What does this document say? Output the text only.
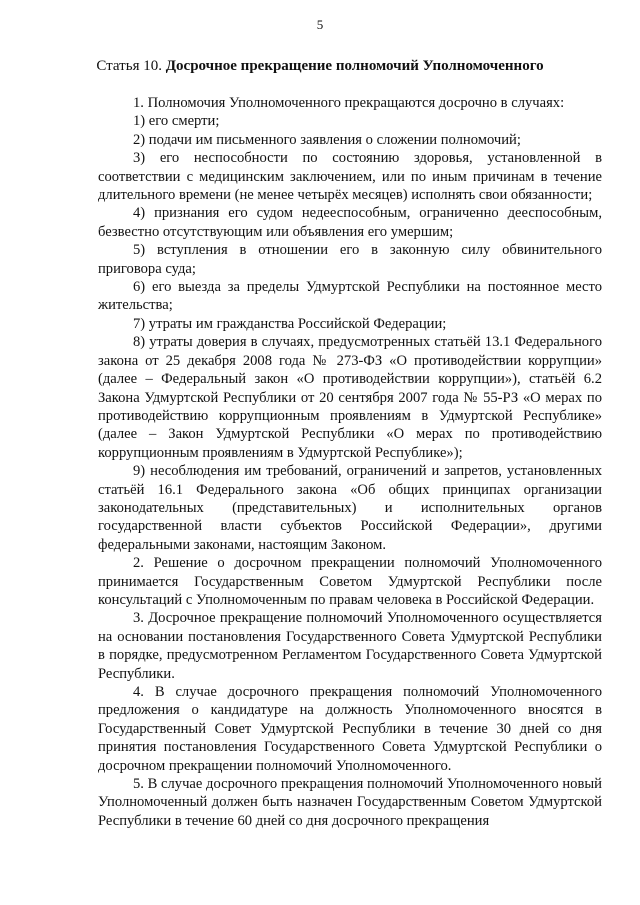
5
Статья 10. Досрочное прекращение полномочий Уполномоченного

1. Полномочия Уполномоченного прекращаются досрочно в случаях:

1) его смерти;

2) подачи им письменного заявления о сложении полномочий;

3) его неспособности по состоянию здоровья, установленной в соответствии с медицинским заключением, или по иным причинам в течение длительного времени (не менее четырёх месяцев) исполнять свои обязанности;

4) признания его судом недееспособным, ограниченно дееспособным, безвестно отсутствующим или объявления его умершим;

5) вступления в отношении его в законную силу обвинительного приговора суда;

6) его выезда за пределы Удмуртской Республики на постоянное место жительства;

7) утраты им гражданства Российской Федерации;

8) утраты доверия в случаях, предусмотренных статьёй 13.1 Федерального закона от 25 декабря 2008 года № 273-ФЗ «О противодействии коррупции» (далее – Федеральный закон «О противодействии коррупции»), статьёй 6.2 Закона Удмуртской Республики от 20 сентября 2007 года № 55-РЗ «О мерах по противодействию коррупционным проявлениям в Удмуртской Республике» (далее – Закон Удмуртской Республики «О мерах по противодействию коррупционным проявлениям в Удмуртской Республике»);

9) несоблюдения им требований, ограничений и запретов, установленных статьёй 16.1 Федерального закона «Об общих принципах организации законодательных (представительных) и исполнительных органов государственной власти субъектов Российской Федерации», другими федеральными законами, настоящим Законом.

2. Решение о досрочном прекращении полномочий Уполномоченного принимается Государственным Советом Удмуртской Республики после консультаций с Уполномоченным по правам человека в Российской Федерации.

3. Досрочное прекращение полномочий Уполномоченного осуществляется на основании постановления Государственного Совета Удмуртской Республики в порядке, предусмотренном Регламентом Государственного Совета Удмуртской Республики.

4. В случае досрочного прекращения полномочий Уполномоченного предложения о кандидатуре на должность Уполномоченного вносятся в Государственный Совет Удмуртской Республики в течение 30 дней со дня принятия постановления Государственного Совета Удмуртской Республики о досрочном прекращении полномочий Уполномоченного.

5. В случае досрочного прекращения полномочий Уполномоченного новый Уполномоченный должен быть назначен Государственным Советом Удмуртской Республики в течение 60 дней со дня досрочного прекращения
